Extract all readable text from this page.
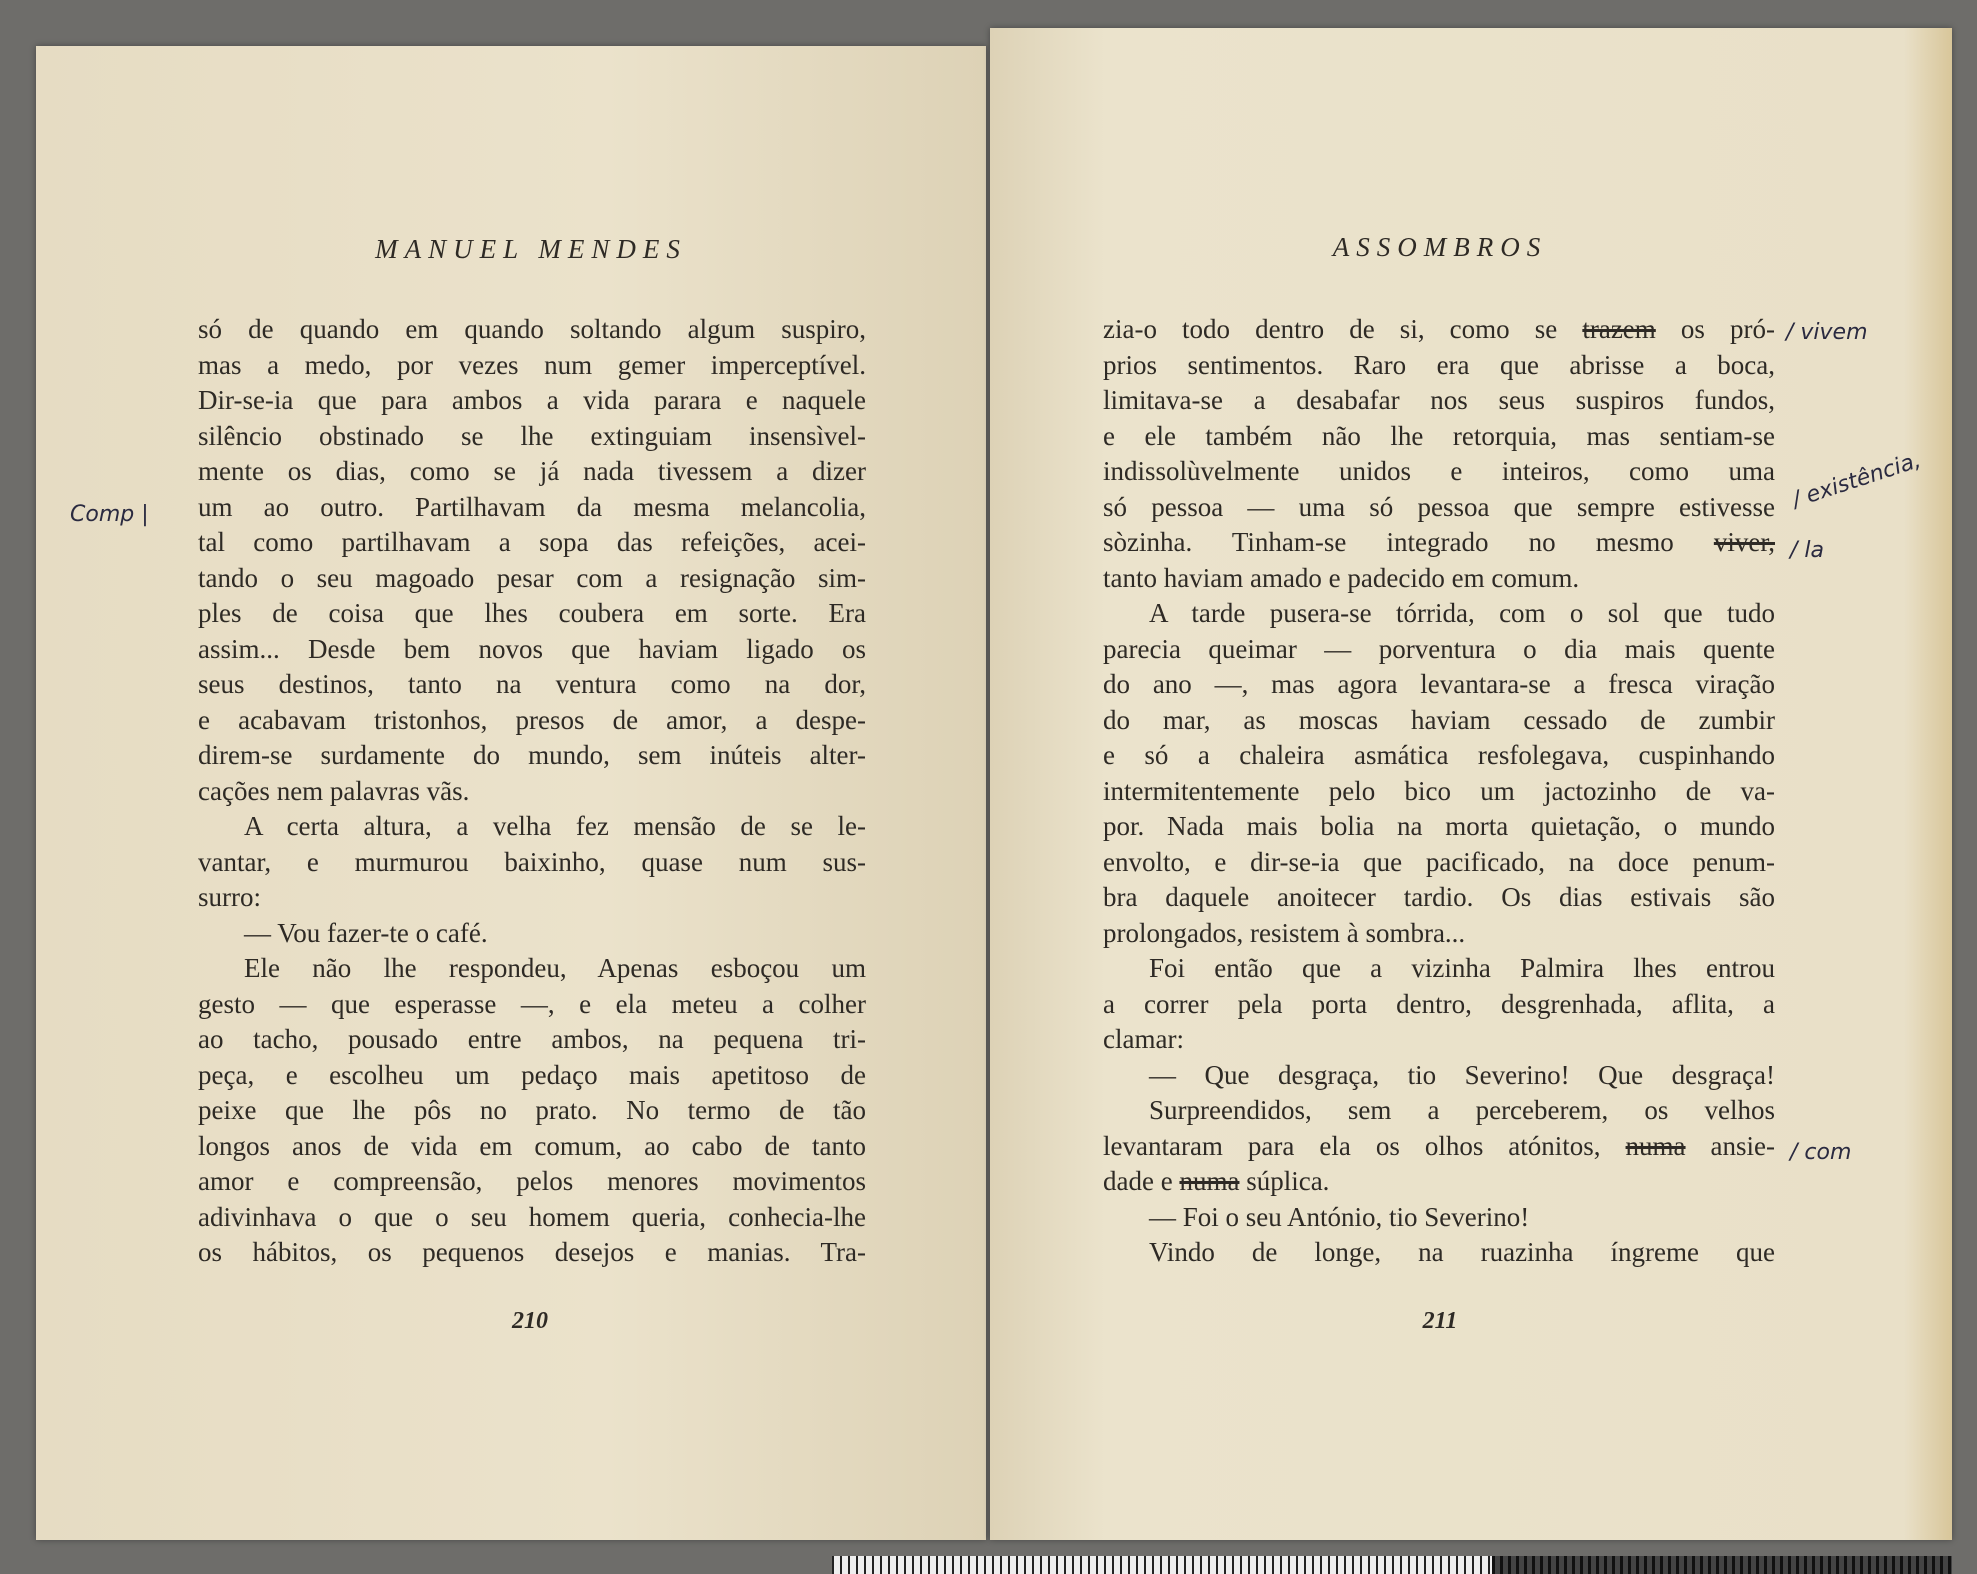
MANUEL MENDES
só de quando em quando soltando algum suspiro,
mas a medo, por vezes num gemer imperceptível.
Dir-se-ia que para ambos a vida parara e naquele
silêncio obstinado se lhe extinguiam insensìvel-
mente os dias, como se já nada tivessem a dizer
um ao outro. Partilhavam da mesma melancolia,
tal como partilhavam a sopa das refeições, acei-
tando o seu magoado pesar com a resignação sim-
ples de coisa que lhes coubera em sorte. Era
assim... Desde bem novos que haviam ligado os
seus destinos, tanto na ventura como na dor,
e acabavam tristonhos, presos de amor, a despe-
direm-se surdamente do mundo, sem inúteis alter-
cações nem palavras vãs.
A certa altura, a velha fez mensão de se le-
vantar, e murmurou baixinho, quase num sus-
surro:
— Vou fazer-te o café.
Ele não lhe respondeu, Apenas esboçou um
gesto — que esperasse —, e ela meteu a colher
ao tacho, pousado entre ambos, na pequena tri-
peça, e escolheu um pedaço mais apetitoso de
peixe que lhe pôs no prato. No termo de tão
longos anos de vida em comum, ao cabo de tanto
amor e compreensão, pelos menores movimentos
adivinhava o que o seu homem queria, conhecia-lhe
os hábitos, os pequenos desejos e manias. Tra-
210
Comp |
ASSOMBROS
zia-o todo dentro de si, como se trazem os pró-
prios sentimentos. Raro era que abrisse a boca,
limitava-se a desabafar nos seus suspiros fundos,
e ele também não lhe retorquia, mas sentiam-se
indissolùvelmente unidos e inteiros, como uma
só pessoa — uma só pessoa que sempre estivesse
sòzinha. Tinham-se integrado no mesmo viver,
tanto haviam amado e padecido em comum.
A tarde pusera-se tórrida, com o sol que tudo
parecia queimar — porventura o dia mais quente
do ano —, mas agora levantara-se a fresca viração
do mar, as moscas haviam cessado de zumbir
e só a chaleira asmática resfolegava, cuspinhando
intermitentemente pelo bico um jactozinho de va-
por. Nada mais bolia na morta quietação, o mundo
envolto, e dir-se-ia que pacificado, na doce penum-
bra daquele anoitecer tardio. Os dias estivais são
prolongados, resistem à sombra...
Foi então que a vizinha Palmira lhes entrou
a correr pela porta dentro, desgrenhada, aflita, a
clamar:
— Que desgraça, tio Severino! Que desgraça!
Surpreendidos, sem a perceberem, os velhos
levantaram para ela os olhos atónitos, numa ansie-
dade e numa súplica.
— Foi o seu António, tio Severino!
Vindo de longe, na ruazinha íngreme que
211
/ vivem
/ existência,
/ la
/ com
